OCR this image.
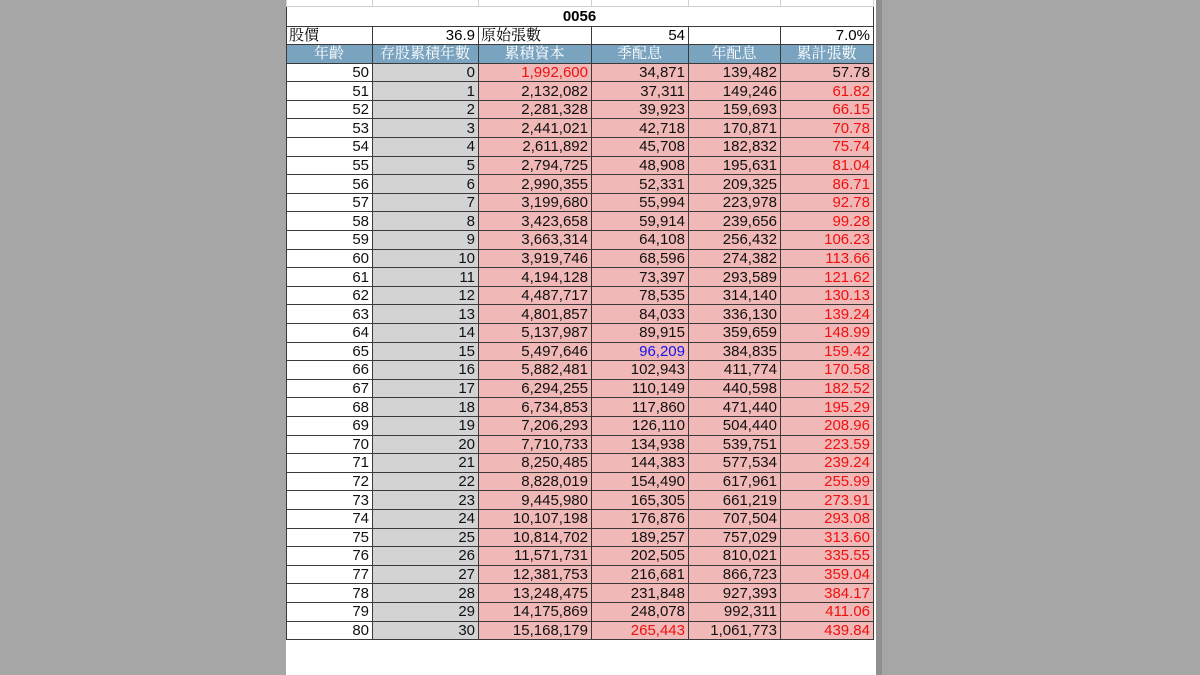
0056					
股價	36.9	原始張數	54		7.0%
年齡	存股累積年數	累積資本	季配息	年配息	累計張數
50	0	1,992,600	34,871	139,482	57.78
51	1	2,132,082	37,311	149,246	61.82
52	2	2,281,328	39,923	159,693	66.15
53	3	2,441,021	42,718	170,871	70.78
54	4	2,611,892	45,708	182,832	75.74
55	5	2,794,725	48,908	195,631	81.04
56	6	2,990,355	52,331	209,325	86.71
57	7	3,199,680	55,994	223,978	92.78
58	8	3,423,658	59,914	239,656	99.28
59	9	3,663,314	64,108	256,432	106.23
60	10	3,919,746	68,596	274,382	113.66
61	11	4,194,128	73,397	293,589	121.62
62	12	4,487,717	78,535	314,140	130.13
63	13	4,801,857	84,033	336,130	139.24
64	14	5,137,987	89,915	359,659	148.99
65	15	5,497,646	96,209	384,835	159.42
66	16	5,882,481	102,943	411,774	170.58
67	17	6,294,255	110,149	440,598	182.52
68	18	6,734,853	117,860	471,440	195.29
69	19	7,206,293	126,110	504,440	208.96
70	20	7,710,733	134,938	539,751	223.59
71	21	8,250,485	144,383	577,534	239.24
72	22	8,828,019	154,490	617,961	255.99
73	23	9,445,980	165,305	661,219	273.91
74	24	10,107,198	176,876	707,504	293.08
75	25	10,814,702	189,257	757,029	313.60
76	26	11,571,731	202,505	810,021	335.55
77	27	12,381,753	216,681	866,723	359.04
78	28	13,248,475	231,848	927,393	384.17
79	29	14,175,869	248,078	992,311	411.06
80	30	15,168,179	265,443	1,061,773	439.84
